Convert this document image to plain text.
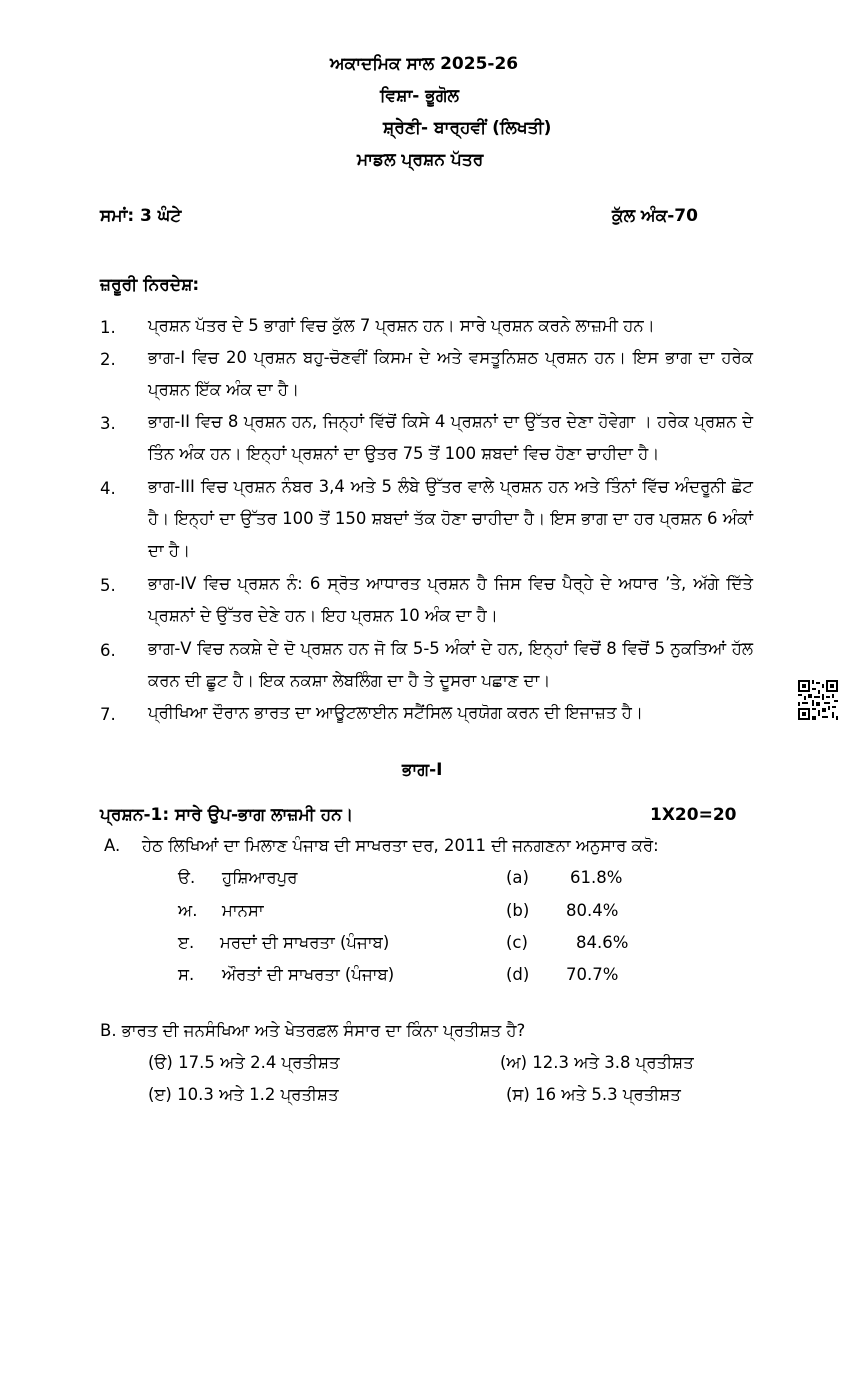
ਅਕਾਦਮਿਕ ਸਾਲ 2025-26
ਵਿਸ਼ਾ- ਭੂਗੋਲ
ਸ਼੍ਰੇਣੀ- ਬਾਰ੍ਹਵੀਂ (ਲਿਖਤੀ)
ਮਾਡਲ ਪ੍ਰਸ਼ਨ ਪੱਤਰ
ਸਮਾਂ: 3 ਘੰਟੇ	ਕੁੱਲ ਅੰਕ-70
ਜ਼ਰੂਰੀ ਨਿਰਦੇਸ਼:
1.	ਪ੍ਰਸ਼ਨ ਪੱਤਰ ਦੇ 5 ਭਾਗਾਂ ਵਿਚ ਕੁੱਲ 7 ਪ੍ਰਸ਼ਨ ਹਨ। ਸਾਰੇ ਪ੍ਰਸ਼ਨ ਕਰਨੇ ਲਾਜ਼ਮੀ ਹਨ।
2.	ਭਾਗ-I ਵਿਚ 20 ਪ੍ਰਸ਼ਨ ਬਹੁ-ਚੋਣਵੀਂ ਕਿਸਮ ਦੇ ਅਤੇ ਵਸਤੂਨਿਸ਼ਠ ਪ੍ਰਸ਼ਨ ਹਨ। ਇਸ ਭਾਗ ਦਾ ਹਰੇਕ ਪ੍ਰਸ਼ਨ ਇੱਕ ਅੰਕ ਦਾ ਹੈ।
3.	ਭਾਗ-II ਵਿਚ 8 ਪ੍ਰਸ਼ਨ ਹਨ, ਜਿਨ੍ਹਾਂ ਵਿੱਚੋਂ ਕਿਸੇ 4 ਪ੍ਰਸ਼ਨਾਂ ਦਾ ਉੱਤਰ ਦੇਣਾ ਹੋਵੇਗਾ । ਹਰੇਕ ਪ੍ਰਸ਼ਨ ਦੇ ਤਿੰਨ ਅੰਕ ਹਨ। ਇਨ੍ਹਾਂ ਪ੍ਰਸ਼ਨਾਂ ਦਾ ਉਤਰ 75 ਤੋਂ 100 ਸ਼ਬਦਾਂ ਵਿਚ ਹੋਣਾ ਚਾਹੀਦਾ ਹੈ।
4.	ਭਾਗ-III ਵਿਚ ਪ੍ਰਸ਼ਨ ਨੰਬਰ 3,4 ਅਤੇ 5 ਲੰਬੇ ਉੱਤਰ ਵਾਲੇ ਪ੍ਰਸ਼ਨ ਹਨ ਅਤੇ ਤਿੰਨਾਂ ਵਿੱਚ ਅੰਦਰੂਨੀ ਛੋਟ ਹੈ। ਇਨ੍ਹਾਂ ਦਾ ਉੱਤਰ 100 ਤੋਂ 150 ਸ਼ਬਦਾਂ ਤੱਕ ਹੋਣਾ ਚਾਹੀਦਾ ਹੈ। ਇਸ ਭਾਗ ਦਾ ਹਰ ਪ੍ਰਸ਼ਨ 6 ਅੰਕਾਂ ਦਾ ਹੈ।
5.	ਭਾਗ-IV ਵਿਚ ਪ੍ਰਸ਼ਨ ਨੰ: 6 ਸ੍ਰੋਤ ਆਧਾਰਤ ਪ੍ਰਸ਼ਨ ਹੈ ਜਿਸ ਵਿਚ ਪੈਰ੍ਹੇ ਦੇ ਅਧਾਰ ’ਤੇ, ਅੱਗੇ ਦਿੱਤੇ ਪ੍ਰਸ਼ਨਾਂ ਦੇ ਉੱਤਰ ਦੇਣੇ ਹਨ। ਇਹ ਪ੍ਰਸ਼ਨ 10 ਅੰਕ ਦਾ ਹੈ।
6.	ਭਾਗ-V ਵਿਚ ਨਕਸ਼ੇ ਦੇ ਦੋ ਪ੍ਰਸ਼ਨ ਹਨ ਜੋ ਕਿ 5-5 ਅੰਕਾਂ ਦੇ ਹਨ, ਇਨ੍ਹਾਂ ਵਿਚੋਂ 8 ਵਿਚੋਂ 5 ਨੁਕਤਿਆਂ ਹੱਲ ਕਰਨ ਦੀ ਛੂਟ ਹੈ। ਇਕ ਨਕਸ਼ਾ ਲੇਬਲਿੰਗ ਦਾ ਹੈ ਤੇ ਦੂਸਰਾ ਪਛਾਣ ਦਾ।
7.	ਪ੍ਰੀਖਿਆ ਦੌਰਾਨ ਭਾਰਤ ਦਾ ਆਊਟਲਾਈਨ ਸਟੈਂਸਿਲ ਪ੍ਰਯੋਗ ਕਰਨ ਦੀ ਇਜਾਜ਼ਤ ਹੈ।
ਭਾਗ-I
ਪ੍ਰਸ਼ਨ-1: ਸਾਰੇ ਉਪ-ਭਾਗ ਲਾਜ਼ਮੀ ਹਨ।	1X20=20
A. ਹੇਠ ਲਿਖਿਆਂ ਦਾ ਮਿਲਾਣ ਪੰਜਾਬ ਦੀ ਸਾਖਰਤਾ ਦਰ, 2011 ਦੀ ਜਨਗਣਨਾ ਅਨੁਸਾਰ ਕਰੋ:
ੳ. ਹੁਸ਼ਿਆਰਪੁਰ	(a) 61.8%
ਅ. ਮਾਨਸਾ	(b) 80.4%
ੲ. ਮਰਦਾਂ ਦੀ ਸਾਖਰਤਾ (ਪੰਜਾਬ)	(c)	84.6%
ਸ. ਔਰਤਾਂ ਦੀ ਸਾਖਰਤਾ (ਪੰਜਾਬ)	(d) 70.7%
B. ਭਾਰਤ ਦੀ ਜਨਸੰਖਿਆ ਅਤੇ ਖੇਤਰਫ਼ਲ ਸੰਸਾਰ ਦਾ ਕਿੰਨਾ ਪ੍ਰਤੀਸ਼ਤ ਹੈ?
(ੳ) 17.5 ਅਤੇ 2.4 ਪ੍ਰਤੀਸ਼ਤ	(ਅ) 12.3 ਅਤੇ 3.8 ਪ੍ਰਤੀਸ਼ਤ
(ੲ) 10.3 ਅਤੇ 1.2 ਪ੍ਰਤੀਸ਼ਤ	(ਸ) 16 ਅਤੇ 5.3 ਪ੍ਰਤੀਸ਼ਤ
